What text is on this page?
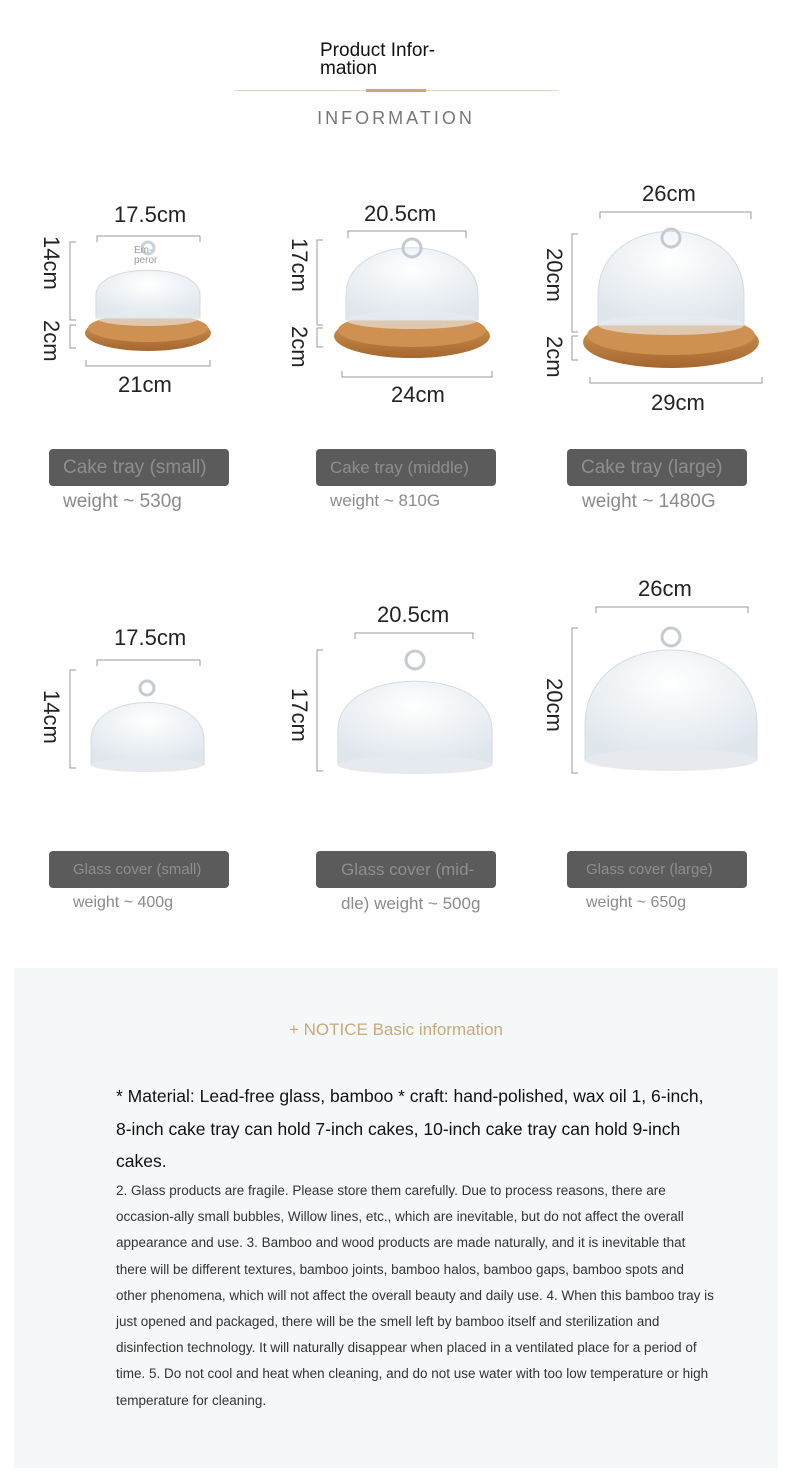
Product Infor-
mation
INFORMATION
17.5cm
14cm
2cm
21cm
Em-
peror
20.5cm
17cm
2cm
24cm
26cm
20cm
2cm
29cm
Cake tray (small)
weight ~ 530g
Cake tray (middle)
weight ~ 810G
Cake tray (large)
weight ~ 1480G
17.5cm
14cm
20.5cm
17cm
26cm
20cm
Glass cover (small)
weight ~ 400g
Glass cover (mid-
dle) weight ~ 500g
Glass cover (large)
weight ~ 650g
+ NOTICE Basic information
* Material: Lead-free glass, bamboo * craft: hand-polished, wax oil 1, 6-inch, 8-inch cake tray can hold 7-inch cakes, 10-inch cake tray can hold 9-inch cakes.
2. Glass products are fragile. Please store them carefully. Due to process reasons, there are occasion-ally small bubbles, Willow lines, etc., which are inevitable, but do not affect the overall appearance and use. 3. Bamboo and wood products are made naturally, and it is inevitable that there will be different textures, bamboo joints, bamboo halos, bamboo gaps, bamboo spots and other phenomena, which will not affect the overall beauty and daily use. 4. When this bamboo tray is just opened and packaged, there will be the smell left by bamboo itself and sterilization and disinfection technology. It will naturally disappear when placed in a ventilated place for a period of time. 5. Do not cool and heat when cleaning, and do not use water with too low temperature or high temperature for cleaning.
